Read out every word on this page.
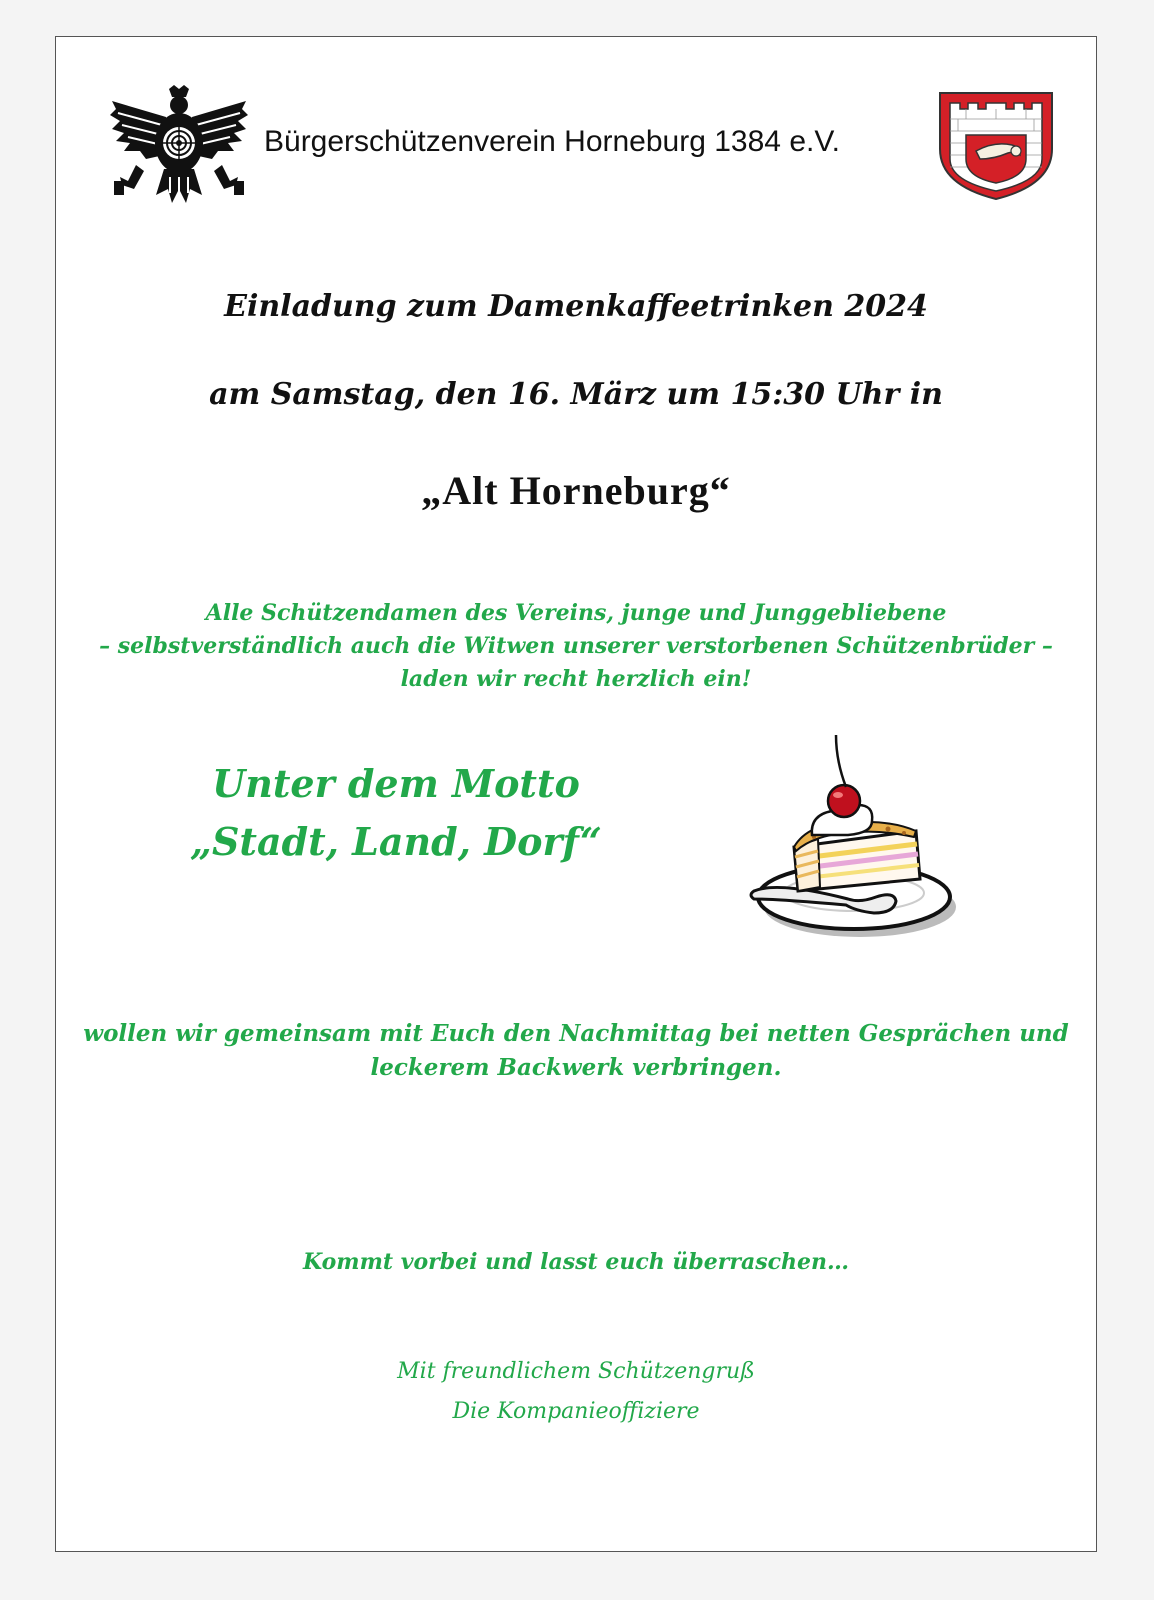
Bürgerschützenverein Horneburg 1384 e.V.
Einladung zum Damenkaffeetrinken 2024
am Samstag, den 16. März um 15:30 Uhr in
„Alt Horneburg“
Alle Schützendamen des Vereins, junge und Junggebliebene
– selbstverständlich auch die Witwen unserer verstorbenen Schützenbrüder –
laden wir recht herzlich ein!
Unter dem Motto
„Stadt, Land, Dorf“
wollen wir gemeinsam mit Euch den Nachmittag bei netten Gesprächen und
leckerem Backwerk verbringen.
Kommt vorbei und lasst euch überraschen…
Mit freundlichem Schützengruß
Die Kompanieoffiziere
